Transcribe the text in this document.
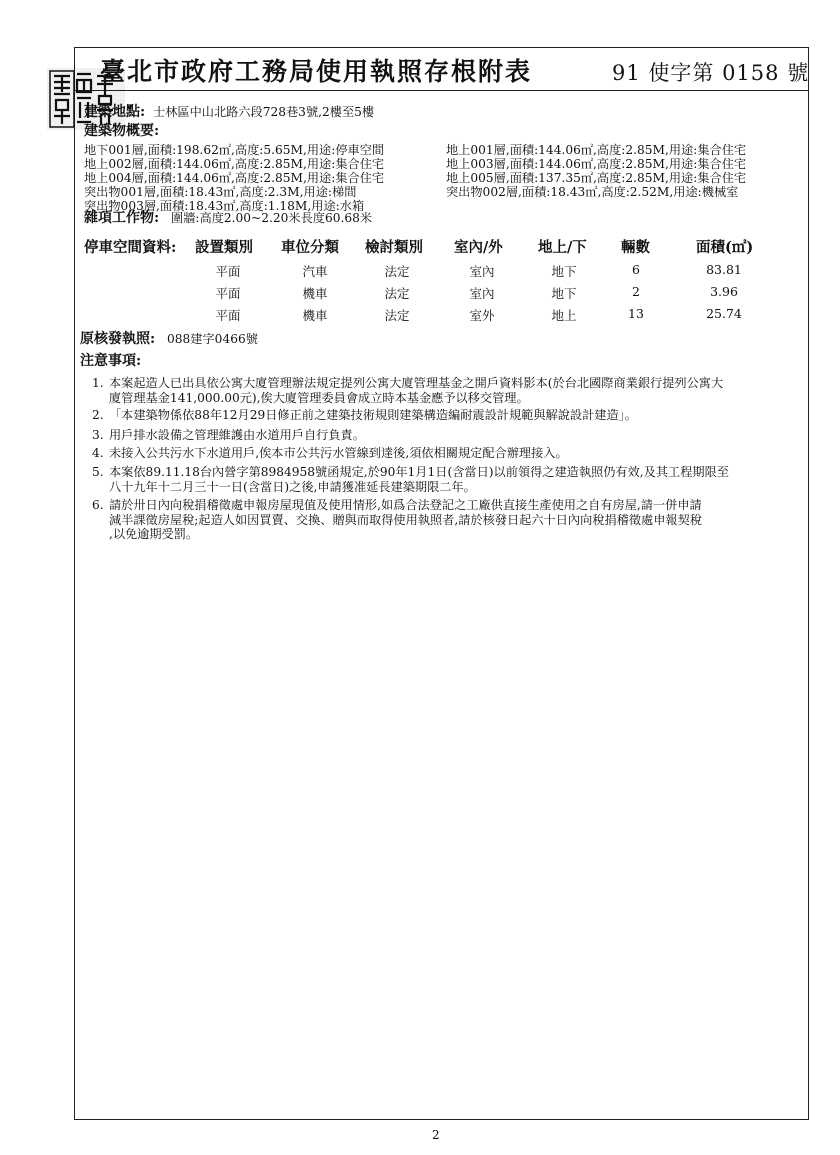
臺北市政府工務局使用執照存根附表	91 使字第 0158 號
建築地點: 士林區中山北路六段728巷3號,2樓至5樓
建築物概要:
地下001層,面積:198.62㎡,高度:5.65M,用途:停車空間
地上002層,面積:144.06㎡,高度:2.85M,用途:集合住宅
地上004層,面積:144.06㎡,高度:2.85M,用途:集合住宅
突出物001層,面積:18.43㎡,高度:2.3M,用途:梯間
突出物003層,面積:18.43㎡,高度:1.18M,用途:水箱
地上001層,面積:144.06㎡,高度:2.85M,用途:集合住宅
地上003層,面積:144.06㎡,高度:2.85M,用途:集合住宅
地上005層,面積:137.35㎡,高度:2.85M,用途:集合住宅
突出物002層,面積:18.43㎡,高度:2.52M,用途:機械室
雜項工作物: 圍牆:高度2.00~2.20米長度60.68米
停車空間資料: 設置類別 車位分類 檢討類別 室內/外 地上/下 輛數	面積(㎡)
平面	汽車	法定	室內	地下	6	83.81
平面	機車	法定	室內	地下	2	3.96
平面	機車	法定	室外	地上	13	25.74
原核發執照: 088建字0466號
注意事項:
1. 本案起造人已出具依公寓大廈管理辦法規定提列公寓大廈管理基金之開戶資料影本(於台北國際商業銀行提列公寓大
廈管理基金141,000.00元),俟大廈管理委員會成立時本基金應予以移交管理。
2. 「本建築物係依88年12月29日修正前之建築技術規則建築構造編耐震設計規範與解說設計建造」。
3. 用戶排水設備之管理維護由水道用戶自行負責。
4. 未接入公共污水下水道用戶,俟本市公共污水管線到達後,須依相關規定配合辦理接入。
5. 本案依89.11.18台內營字第8984958號函規定,於90年1月1日(含當日)以前領得之建造執照仍有效,及其工程期限至
八十九年十二月三十一日(含當日)之後,申請獲准延長建築期限二年。
6. 請於卅日內向稅捐稽徵處申報房屋現值及使用情形,如爲合法登記之工廠供直接生產使用之自有房屋,請一併申請
減半課徵房屋稅;起造人如因買賣、交換、贈與而取得使用執照者,請於核發日起六十日內向稅捐稽徵處申報契稅
,以免逾期受罰。
2
